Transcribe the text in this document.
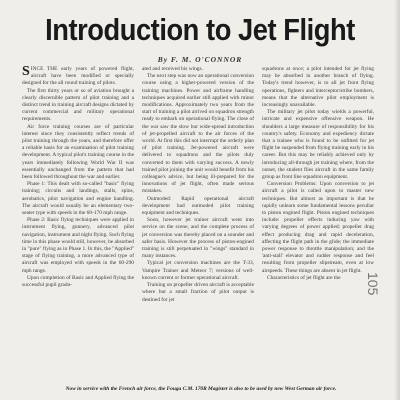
Introduction to Jet Flight
By F. M. O'CONNOR

SINCE THE early years of powered flight, aircraft have been modified or specially designed for the all round training of pilots.

The first thirty years or so of aviation brought a clearly discernible pattern of pilot training and a distinct trend in training aircraft designs dictated by current commercial and military operational requirements.

Air force training courses are of particular interest since they consistently reflect trends of pilot training through the years, and therefore offer a reliable basis for an examination of pilot training development. A typical pilot's training course in the years immediately following World War II was essentially unchanged from the pattern that had been followed throughout the war and earlier.

Phase 1: This dealt with so-called "basic" flying training; circuits and landings, stalls, spins, aerobatics, pilot navigation and engine handling. The aircraft would usually be an elementary two-seater type with speeds in the 60-170 mph range.

Phase 2: Basic flying techniques were applied in instrument flying, gunnery, advanced pilot navigation, instrument and night flying. Such flying time in this phase would still, however, be absorbed in "pure" flying as in Phase 1. In this, the "Applied" stage of flying training, a more advanced type of aircraft was employed with speeds in the 60-290 mph range.

Upon completion of Basic and Applied flying the successful pupil gradu-

ated and received his wings.

The next step was now an operational conversion course using a higher-powered version of the training machines. Power and airframe handling techniques acquired earlier still applied with minor modifications. Approximately two years from the start of training a pilot arrived on squadron strength ready to embark on operational flying. The close of the war saw the slow but wide-spread introduction of jet-propelled aircraft to the air forces of the world. At first this did not interrupt the orderly plan of pilot training. Jet-powered aircraft were delivered to squadrons and the pilots duly converted to them with varying success. A newly trained pilot joining the unit would benefit from his colleague's advice, but being ill-prepared for the innovations of jet flight, often made serious mistakes.

Outmoded: Rapid operational aircraft development had outmoded pilot training equipment and techniques.

Soon, however jet trainer aircraft went into service on the scene, and the complete process of jet conversion was thereby placed on a sounder and safer basis. However the process of piston-engined training is still perpetuated in "wings" standard in many instances.

Typical jet conversion machines are the T-33, Vampire Trainer and Meteor 7; versions of well-known current or former operational aircraft.

Training on propeller driven aircraft is acceptable where but a small fraction of pilot output is destined for jet

squadrons at once; a pilot intended for jet flying may be absorbed in another branch of flying. Today's trend however, is to all jet front flying operations, fighters and interceptor/strike bombers, means that the alternative pilot employment is increasingly unavailable.

The military jet pilot today wields a powerful, intricate and expensive offensive weapon. He shoulders a large measure of responsibility for his country's safety. Economy and expediency dictate that a trainee who is found to be unfitted for jet flight be suspended from flying training early in his career. But this may be reliably achieved only by introducing all-through jet training where, from the outset, the student flies aircraft in the same family group as front line squadron equipment.

Conversion Problems: Upon conversion to jet aircraft a pilot is called upon to master new techniques. But almost as important is that he rapidly unlearn some fundamental lessons peculiar to piston engined flight. Piston engined techniques include: propeller effects inducing yaw with varying degrees of power applied; propeller drag effect producing drag and rapid deceleration, affecting the flight path in the glide; the immediate power response to throttle manipulation; and the 'anti-stall' elevator and rudder response and feel resulting from propeller slipstream, even at low airspeeds. These things are absent in jet flight.

Characteristics of jet flight are the	105
Now in service with the French air force, the Fouga C.M. 170R Magister is also to be used by new West German air force.
